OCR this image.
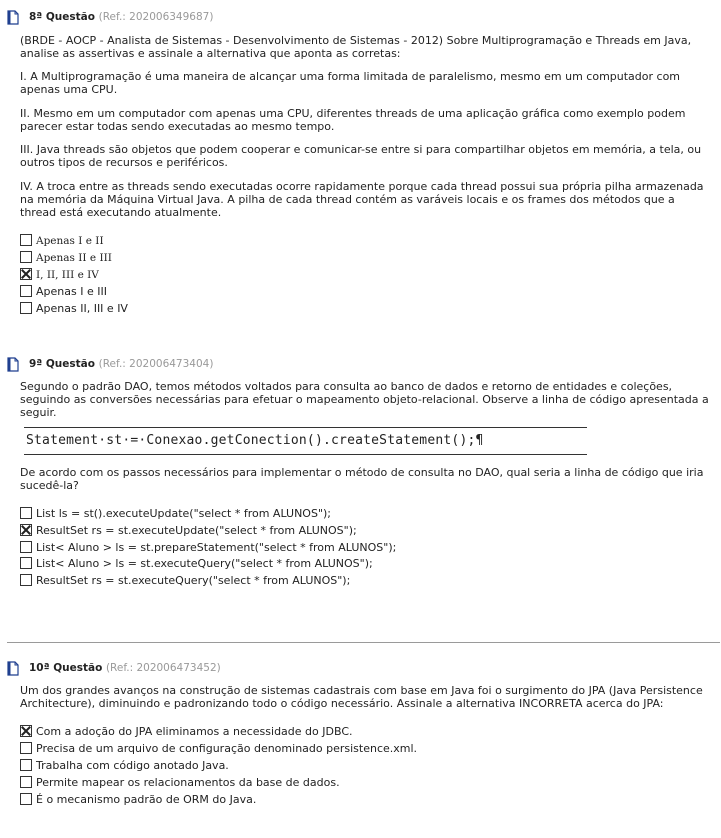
8ª Questão (Ref.: 202006349687)
(BRDE - AOCP - Analista de Sistemas - Desenvolvimento de Sistemas - 2012) Sobre Multiprogramação e Threads em Java, analise as assertivas e assinale a alternativa que aponta as corretas:
I. A Multiprogramação é uma maneira de alcançar uma forma limitada de paralelismo, mesmo em um computador com apenas uma CPU.
II. Mesmo em um computador com apenas uma CPU, diferentes threads de uma aplicação gráfica como exemplo podem parecer estar todas sendo executadas ao mesmo tempo.
III. Java threads são objetos que podem cooperar e comunicar-se entre si para compartilhar objetos em memória, a tela, ou outros tipos de recursos e periféricos.
IV. A troca entre as threads sendo executadas ocorre rapidamente porque cada thread possui sua própria pilha armazenada na memória da Máquina Virtual Java. A pilha de cada thread contém as varáveis locais e os frames dos métodos que a thread está executando atualmente.
Apenas I e II
Apenas II e III
I, II, III e IV
Apenas I e III
Apenas II, III e IV
9ª Questão (Ref.: 202006473404)
Segundo o padrão DAO, temos métodos voltados para consulta ao banco de dados e retorno de entidades e coleções, seguindo as conversões necessárias para efetuar o mapeamento objeto-relacional. Observe a linha de código apresentada a seguir.
Statement·st·=·Conexao.getConection().createStatement();¶
De acordo com os passos necessários para implementar o método de consulta no DAO, qual seria a linha de código que iria sucedê-la?
List ls = st().executeUpdate("select * from ALUNOS");
ResultSet rs = st.executeUpdate("select * from ALUNOS");
List< Aluno > ls = st.prepareStatement("select * from ALUNOS");
List< Aluno > ls = st.executeQuery("select * from ALUNOS");
ResultSet rs = st.executeQuery("select * from ALUNOS");
10ª Questão (Ref.: 202006473452)
Um dos grandes avanços na construção de sistemas cadastrais com base em Java foi o surgimento do JPA (Java Persistence Architecture), diminuindo e padronizando todo o código necessário. Assinale a alternativa INCORRETA acerca do JPA:
Com a adoção do JPA eliminamos a necessidade do JDBC.
Precisa de um arquivo de configuração denominado persistence.xml.
Trabalha com código anotado Java.
Permite mapear os relacionamentos da base de dados.
É o mecanismo padrão de ORM do Java.
